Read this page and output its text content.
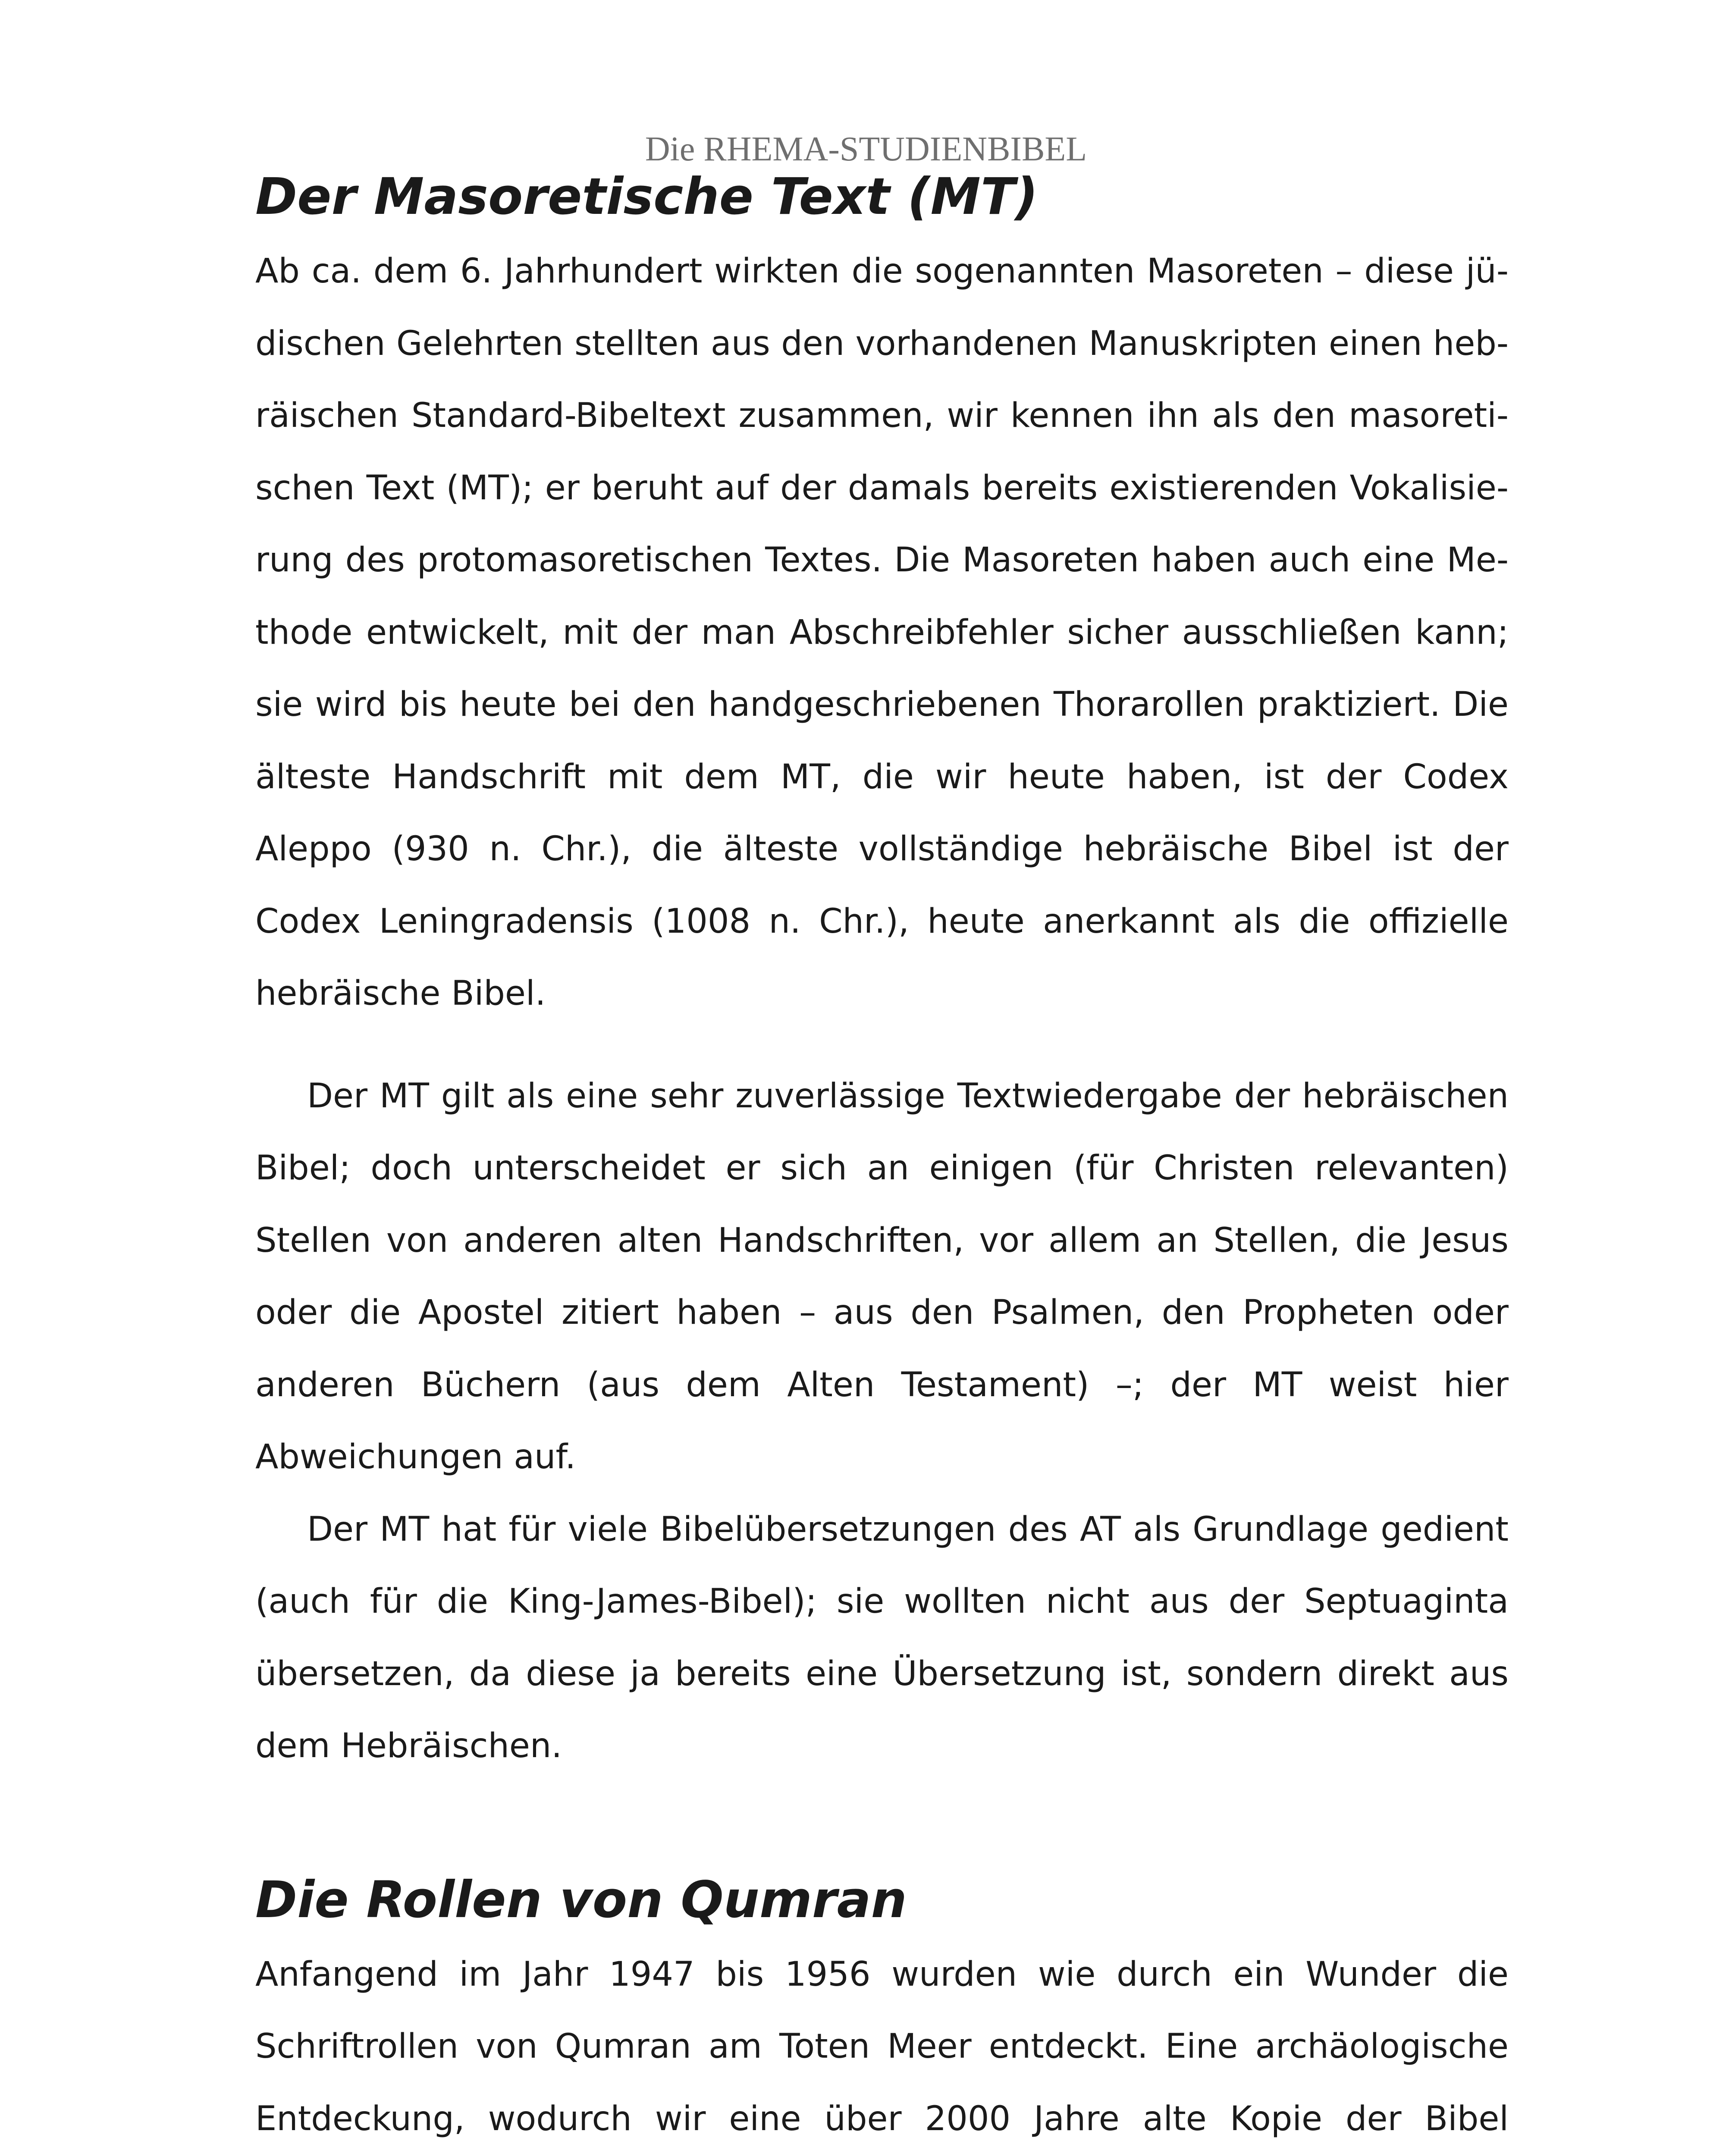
Die RHEMA-STUDIENBIBEL
Der Masoretische Text (MT)

Ab ca. dem 6. Jahrhundert wirkten die sogenannten Masoreten – diese jüdischen Gelehrten stellten aus den vorhandenen Manuskripten einen hebräischen Standard-Bibeltext zusammen, wir kennen ihn als den masoretischen Text (MT); er beruht auf der damals bereits existierenden Vokalisierung des protomasoretischen Textes. Die Masoreten haben auch eine Methode entwickelt, mit der man Abschreibfehler sicher ausschließen kann; sie wird bis heute bei den handgeschriebenen Thorarollen praktiziert. Die älteste Handschrift mit dem MT, die wir heute haben, ist der Codex Aleppo (930 n. Chr.), die älteste vollständige hebräische Bibel ist der Codex Leningradensis (1008 n. Chr.), heute anerkannt als die offizielle hebräische Bibel.

Der MT gilt als eine sehr zuverlässige Textwiedergabe der hebräischen Bibel; doch unterscheidet er sich an einigen (für Christen relevanten) Stellen von anderen alten Handschriften, vor allem an Stellen, die Jesus oder die Apostel zitiert haben – aus den Psalmen, den Propheten oder anderen Büchern (aus dem Alten Testament) –; der MT weist hier Abweichungen auf.

Der MT hat für viele Bibelübersetzungen des AT als Grundlage gedient (auch für die King-James-Bibel); sie wollten nicht aus der Septuaginta übersetzen, da diese ja bereits eine Übersetzung ist, sondern direkt aus dem Hebräischen.

Die Rollen von Qumran

Anfangend im Jahr 1947 bis 1956 wurden wie durch ein Wunder die Schriftrollen von Qumran am Toten Meer entdeckt. Eine archäologische Entdeckung, wodurch wir eine über 2000 Jahre alte Kopie der Bibel
